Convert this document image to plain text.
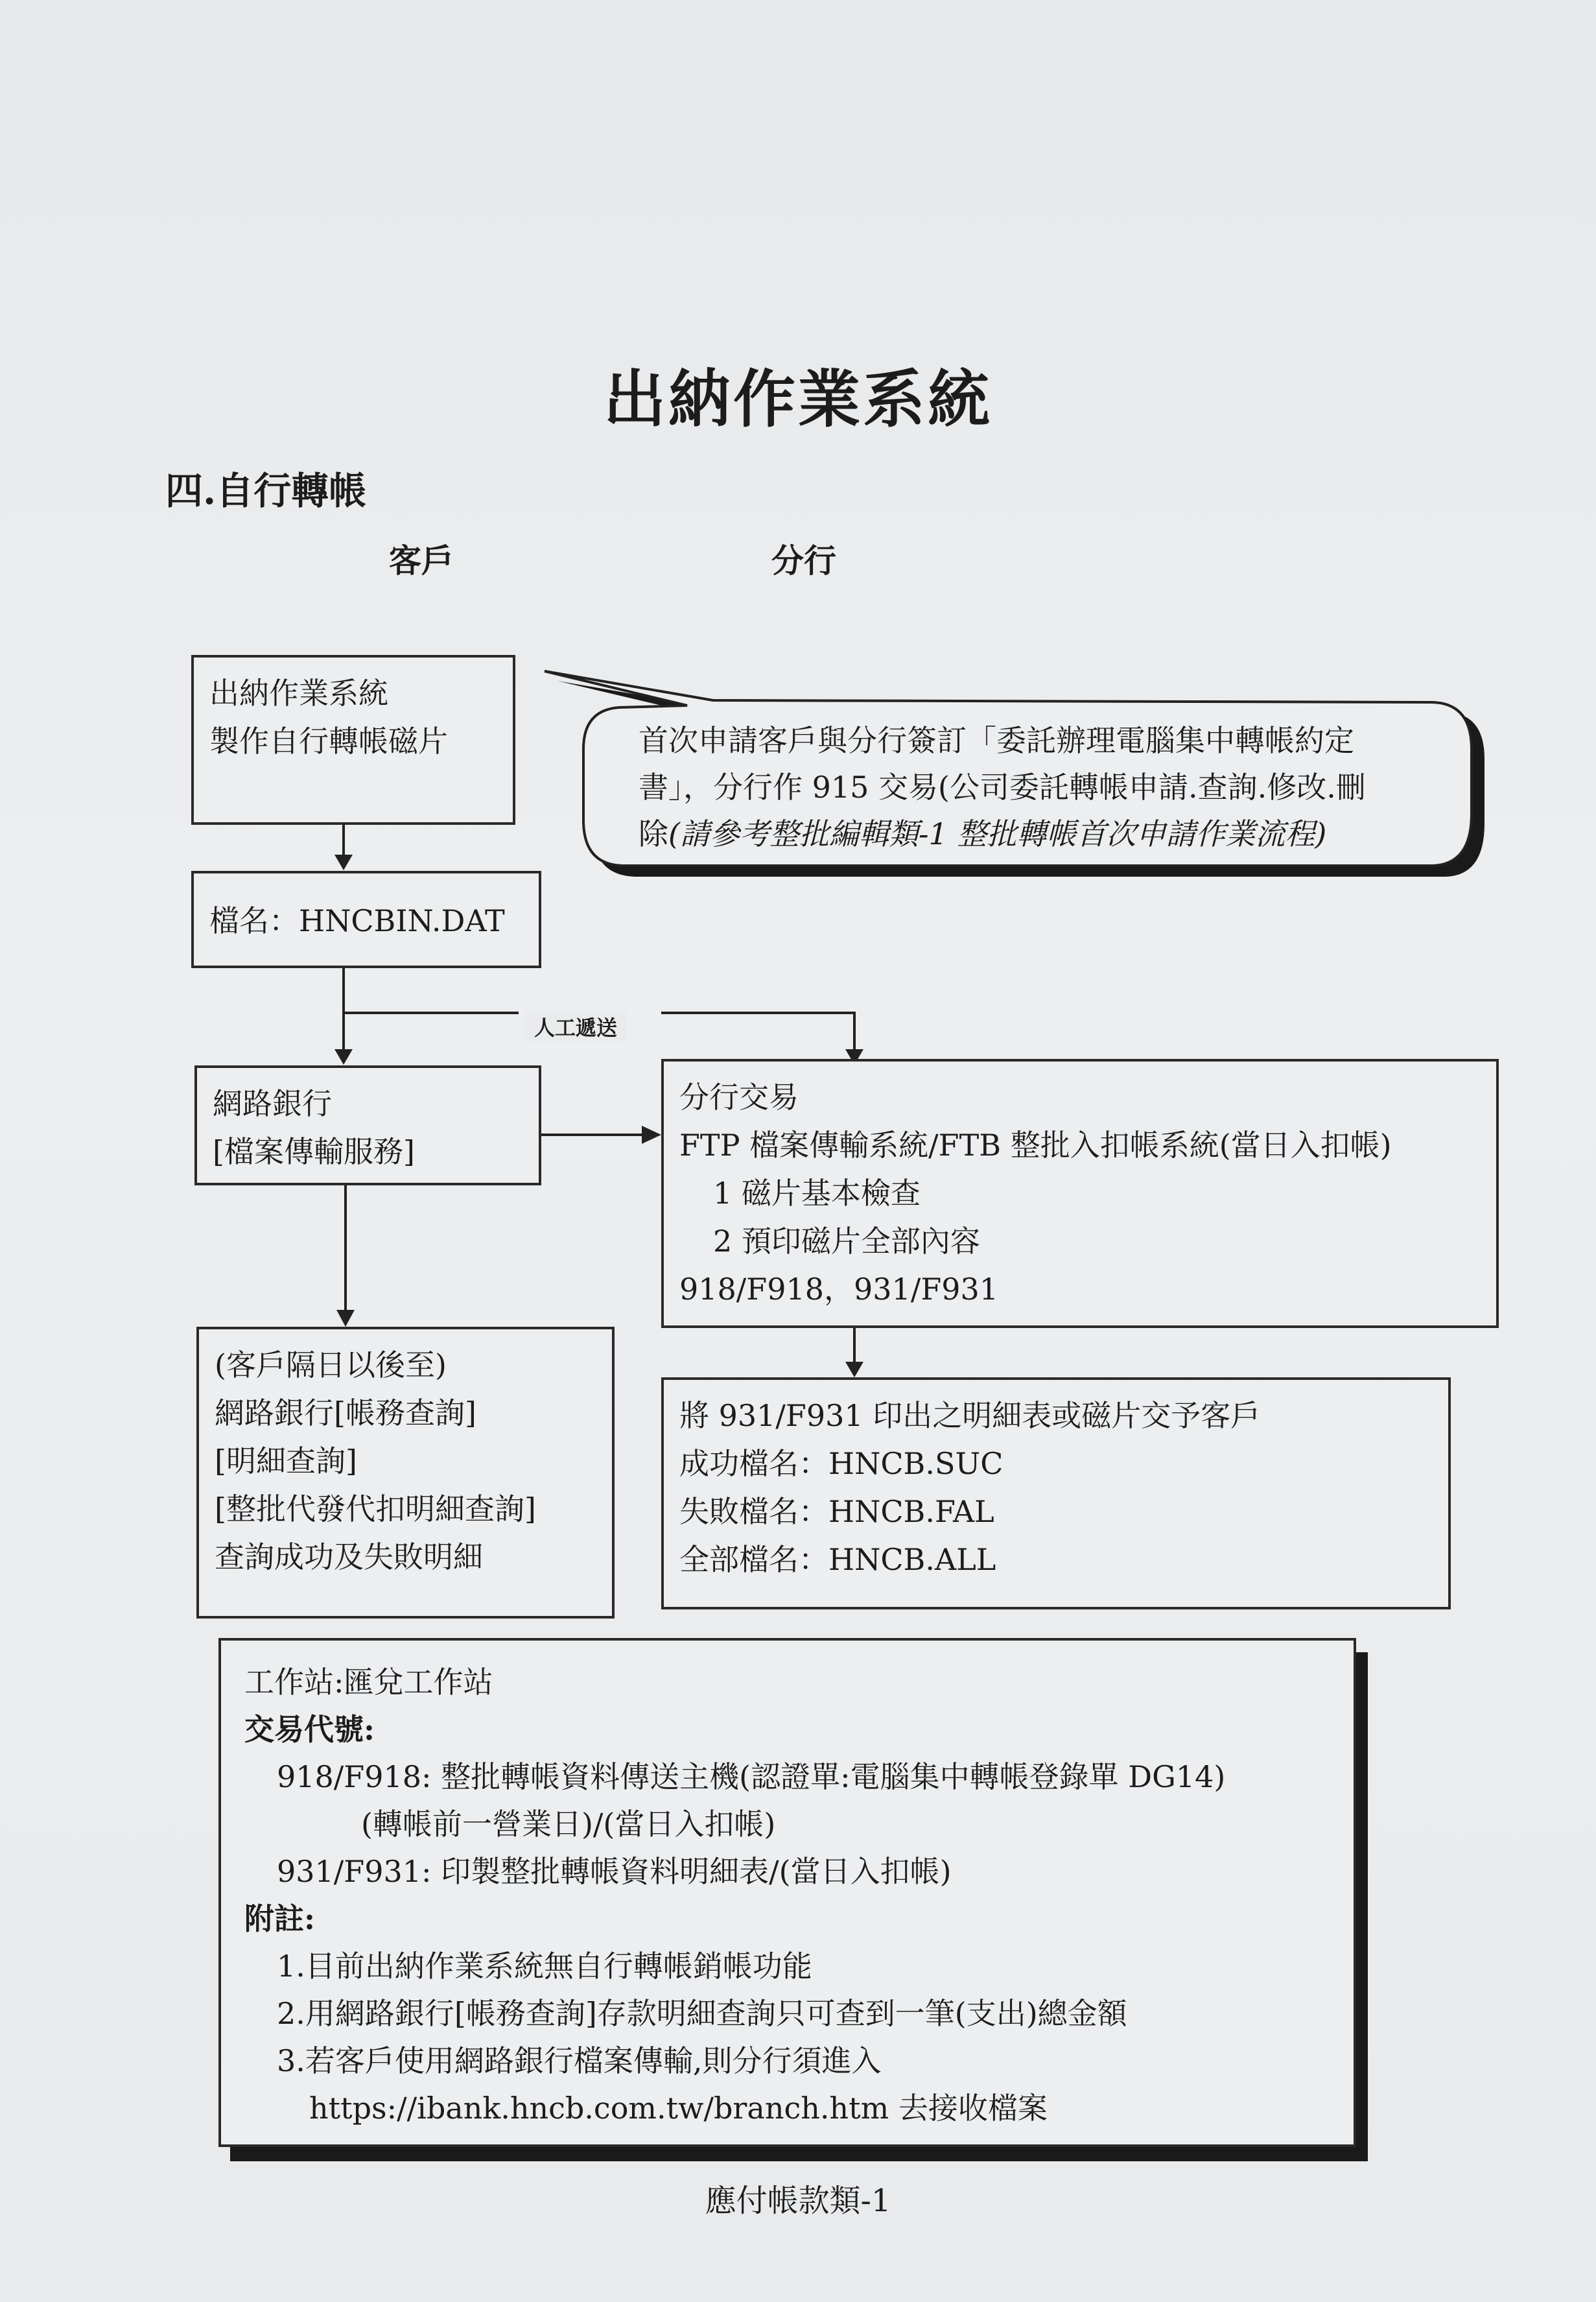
出納作業系統
四.自行轉帳
客戶	分行
出納作業系統
製作自行轉帳磁片	首次申請客戶與分行簽訂「委託辦理電腦集中轉帳約定
書」，分行作 915 交易(公司委託轉帳申請.查詢.修改.刪
除(請參考整批編輯類-1 整批轉帳首次申請作業流程)
檔名：HNCBIN.DAT
人工遞送
網路銀行
[檔案傳輸服務]
分行交易
FTP 檔案傳輸系統/FTB 整批入扣帳系統(當日入扣帳)
1 磁片基本檢查
2 預印磁片全部內容
918/F918，931/F931
(客戶隔日以後至)
網路銀行[帳務查詢]
[明細查詢]
[整批代發代扣明細查詢]
查詢成功及失敗明細
將 931/F931 印出之明細表或磁片交予客戶
成功檔名：HNCB.SUC
失敗檔名：HNCB.FAL
全部檔名：HNCB.ALL
工作站:匯兌工作站
交易代號:
918/F918: 整批轉帳資料傳送主機(認證單:電腦集中轉帳登錄單 DG14)
(轉帳前一營業日)/(當日入扣帳)
931/F931: 印製整批轉帳資料明細表/(當日入扣帳)
附註:
1.目前出納作業系統無自行轉帳銷帳功能
2.用網路銀行[帳務查詢]存款明細查詢只可查到一筆(支出)總金額
3.若客戶使用網路銀行檔案傳輸,則分行須進入
https://ibank.hncb.com.tw/branch.htm 去接收檔案
應付帳款類-1
